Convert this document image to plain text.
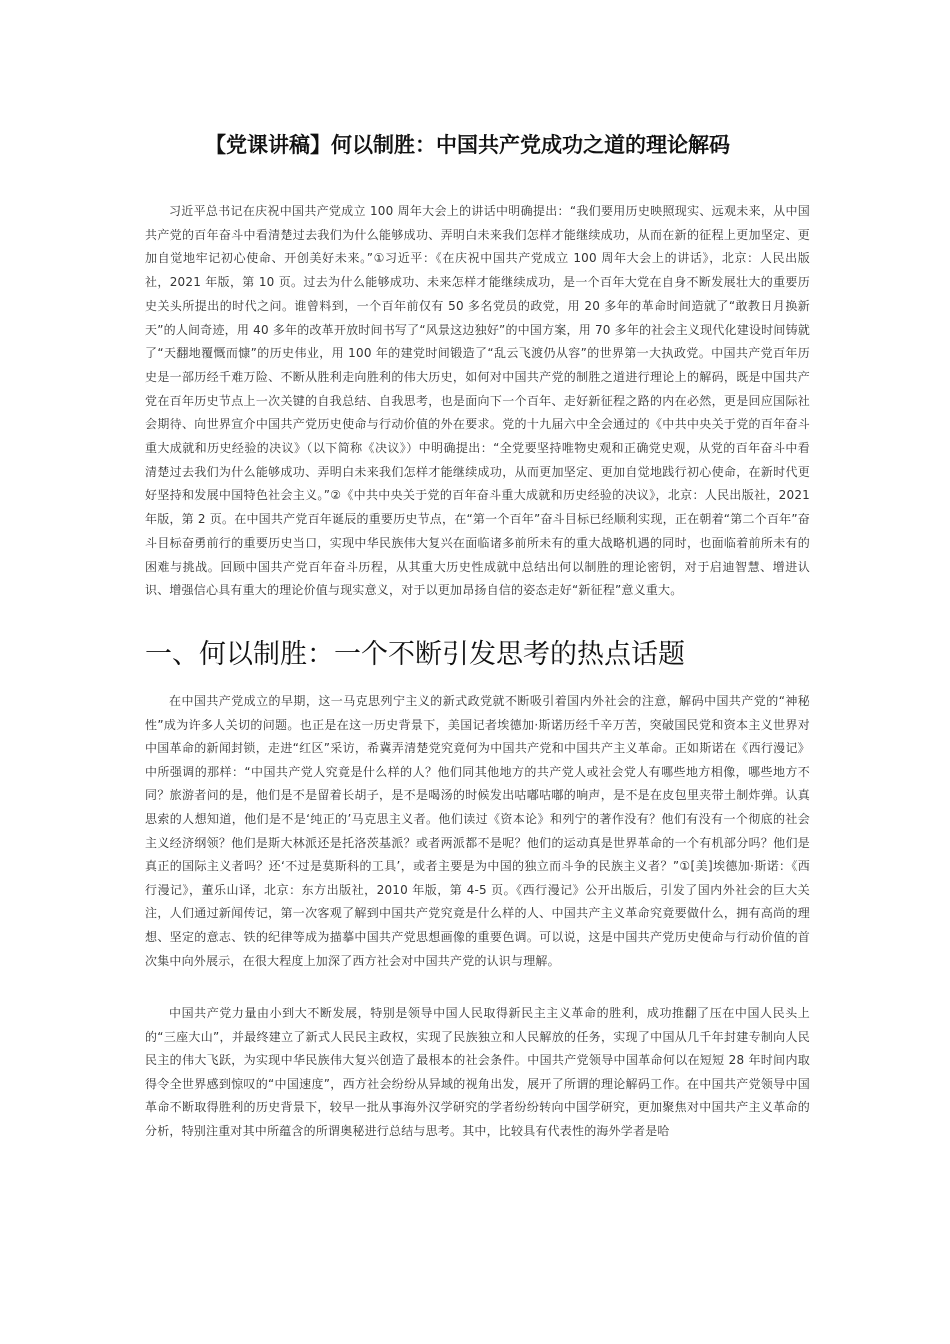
【党课讲稿】何以制胜：中国共产党成功之道的理论解码

习近平总书记在庆祝中国共产党成立 100 周年大会上的讲话中明确提出：“我们要用历史映照现实、远观未来，从中国共产党的百年奋斗中看清楚过去我们为什么能够成功、弄明白未来我们怎样才能继续成功，从而在新的征程上更加坚定、更加自觉地牢记初心使命、开创美好未来。”①习近平：《在庆祝中国共产党成立 100 周年大会上的讲话》，北京：人民出版社，2021 年版，第 10 页。过去为什么能够成功、未来怎样才能继续成功，是一个百年大党在自身不断发展壮大的重要历史关头所提出的时代之问。谁曾料到，一个百年前仅有 50 多名党员的政党，用 20 多年的革命时间造就了“敢教日月换新天”的人间奇迹，用 40 多年的改革开放时间书写了“风景这边独好”的中国方案，用 70 多年的社会主义现代化建设时间铸就了“天翻地覆慨而慷”的历史伟业，用 100 年的建党时间锻造了“乱云飞渡仍从容”的世界第一大执政党。中国共产党百年历史是一部历经千难万险、不断从胜利走向胜利的伟大历史，如何对中国共产党的制胜之道进行理论上的解码，既是中国共产党在百年历史节点上一次关键的自我总结、自我思考，也是面向下一个百年、走好新征程之路的内在必然，更是回应国际社会期待、向世界宣介中国共产党历史使命与行动价值的外在要求。党的十九届六中全会通过的《中共中央关于党的百年奋斗重大成就和历史经验的决议》（以下简称《决议》）中明确提出：“全党要坚持唯物史观和正确党史观，从党的百年奋斗中看清楚过去我们为什么能够成功、弄明白未来我们怎样才能继续成功，从而更加坚定、更加自觉地践行初心使命，在新时代更好坚持和发展中国特色社会主义。”②《中共中央关于党的百年奋斗重大成就和历史经验的决议》，北京：人民出版社，2021 年版，第 2 页。在中国共产党百年诞辰的重要历史节点，在“第一个百年”奋斗目标已经顺利实现，正在朝着“第二个百年”奋斗目标奋勇前行的重要历史当口，实现中华民族伟大复兴在面临诸多前所未有的重大战略机遇的同时，也面临着前所未有的困难与挑战。回顾中国共产党百年奋斗历程，从其重大历史性成就中总结出何以制胜的理论密钥，对于启迪智慧、增进认识、增强信心具有重大的理论价值与现实意义，对于以更加昂扬自信的姿态走好“新征程”意义重大。

一、何以制胜：一个不断引发思考的热点话题

在中国共产党成立的早期，这一马克思列宁主义的新式政党就不断吸引着国内外社会的注意，解码中国共产党的“神秘性”成为许多人关切的问题。也正是在这一历史背景下，美国记者埃德加·斯诺历经千辛万苦，突破国民党和资本主义世界对中国革命的新闻封锁，走进“红区”采访，希冀弄清楚党究竟何为中国共产党和中国共产主义革命。正如斯诺在《西行漫记》中所强调的那样：“中国共产党人究竟是什么样的人？他们同其他地方的共产党人或社会党人有哪些地方相像，哪些地方不同？旅游者问的是，他们是不是留着长胡子，是不是喝汤的时候发出咕嘟咕嘟的响声，是不是在皮包里夹带土制炸弹。认真思索的人想知道，他们是不是‘纯正的’马克思主义者。他们读过《资本论》和列宁的著作没有？他们有没有一个彻底的社会主义经济纲领？他们是斯大林派还是托洛茨基派？或者两派都不是呢？他们的运动真是世界革命的一个有机部分吗？他们是真正的国际主义者吗？还‘不过是莫斯科的工具’，或者主要是为中国的独立而斗争的民族主义者？”①[美]埃德加·斯诺：《西行漫记》，董乐山译，北京：东方出版社，2010 年版，第 4-5 页。《西行漫记》公开出版后，引发了国内外社会的巨大关注，人们通过新闻传记，第一次客观了解到中国共产党究竟是什么样的人、中国共产主义革命究竟要做什么，拥有高尚的理想、坚定的意志、铁的纪律等成为描摹中国共产党思想画像的重要色调。可以说，这是中国共产党历史使命与行动价值的首次集中向外展示，在很大程度上加深了西方社会对中国共产党的认识与理解。

中国共产党力量由小到大不断发展，特别是领导中国人民取得新民主主义革命的胜利，成功推翻了压在中国人民头上的“三座大山”，并最终建立了新式人民民主政权，实现了民族独立和人民解放的任务，实现了中国从几千年封建专制向人民民主的伟大飞跃，为实现中华民族伟大复兴创造了最根本的社会条件。中国共产党领导中国革命何以在短短 28 年时间内取得令全世界感到惊叹的“中国速度”，西方社会纷纷从异域的视角出发，展开了所谓的理论解码工作。在中国共产党领导中国革命不断取得胜利的历史背景下，较早一批从事海外汉学研究的学者纷纷转向中国学研究，更加聚焦对中国共产主义革命的分析，特别注重对其中所蕴含的所谓奥秘进行总结与思考。其中，比较具有代表性的海外学者是哈
